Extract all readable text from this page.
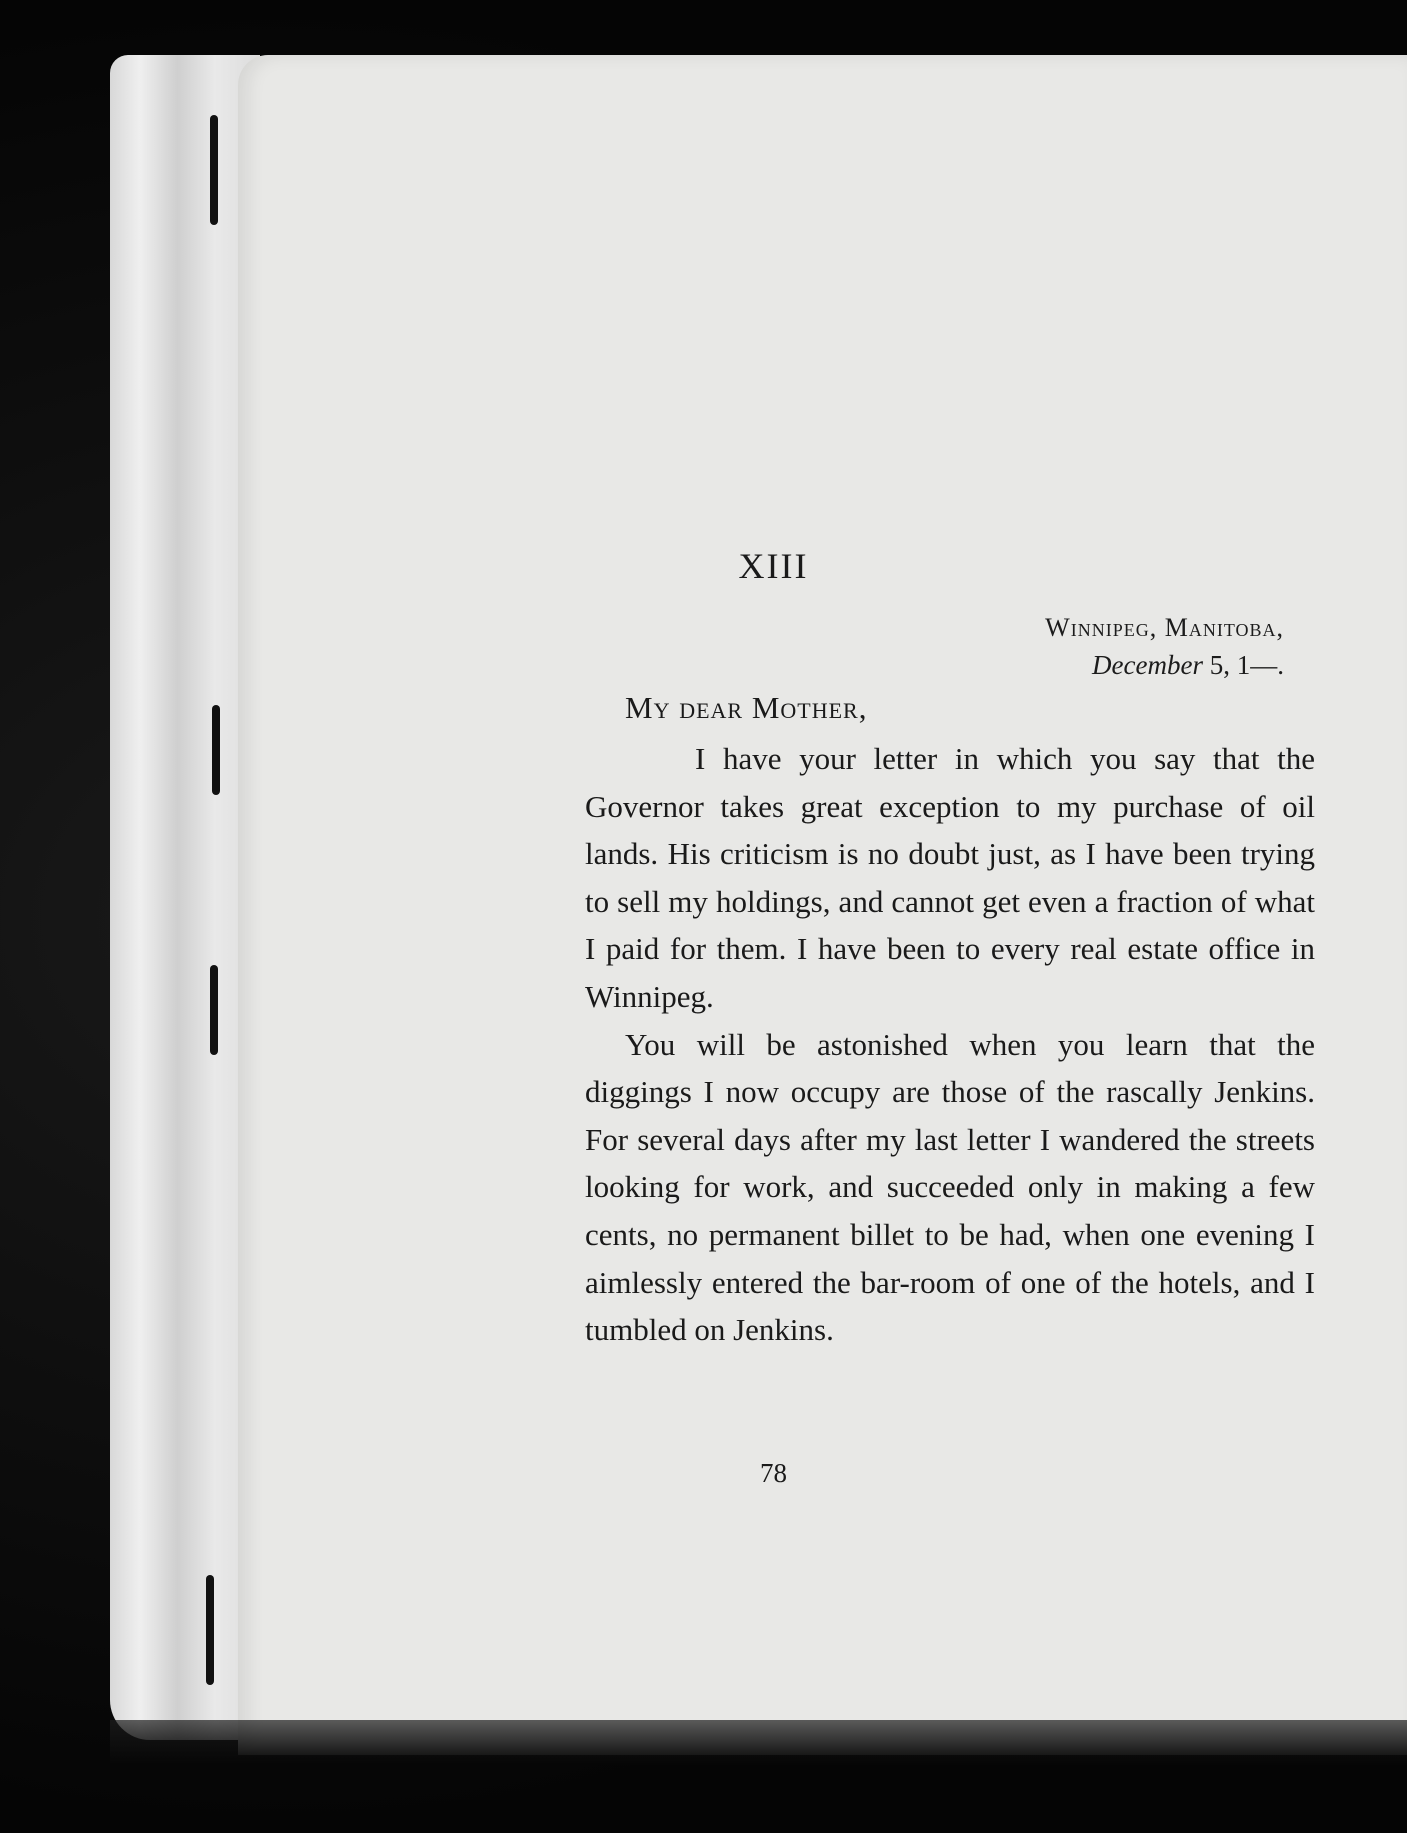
XIII
Winnipeg, Manitoba,
December 5, 1—.
My dear Mother,

I have your letter in which you say that the Governor takes great exception to my purchase of oil lands. His criticism is no doubt just, as I have been trying to sell my holdings, and cannot get even a fraction of what I paid for them. I have been to every real estate office in Winnipeg.

You will be astonished when you learn that the diggings I now occupy are those of the rascally Jenkins. For several days after my last letter I wandered the streets looking for work, and succeeded only in making a few cents, no permanent billet to be had, when one evening I aimlessly entered the bar-room of one of the hotels, and I tumbled on Jenkins.

78
